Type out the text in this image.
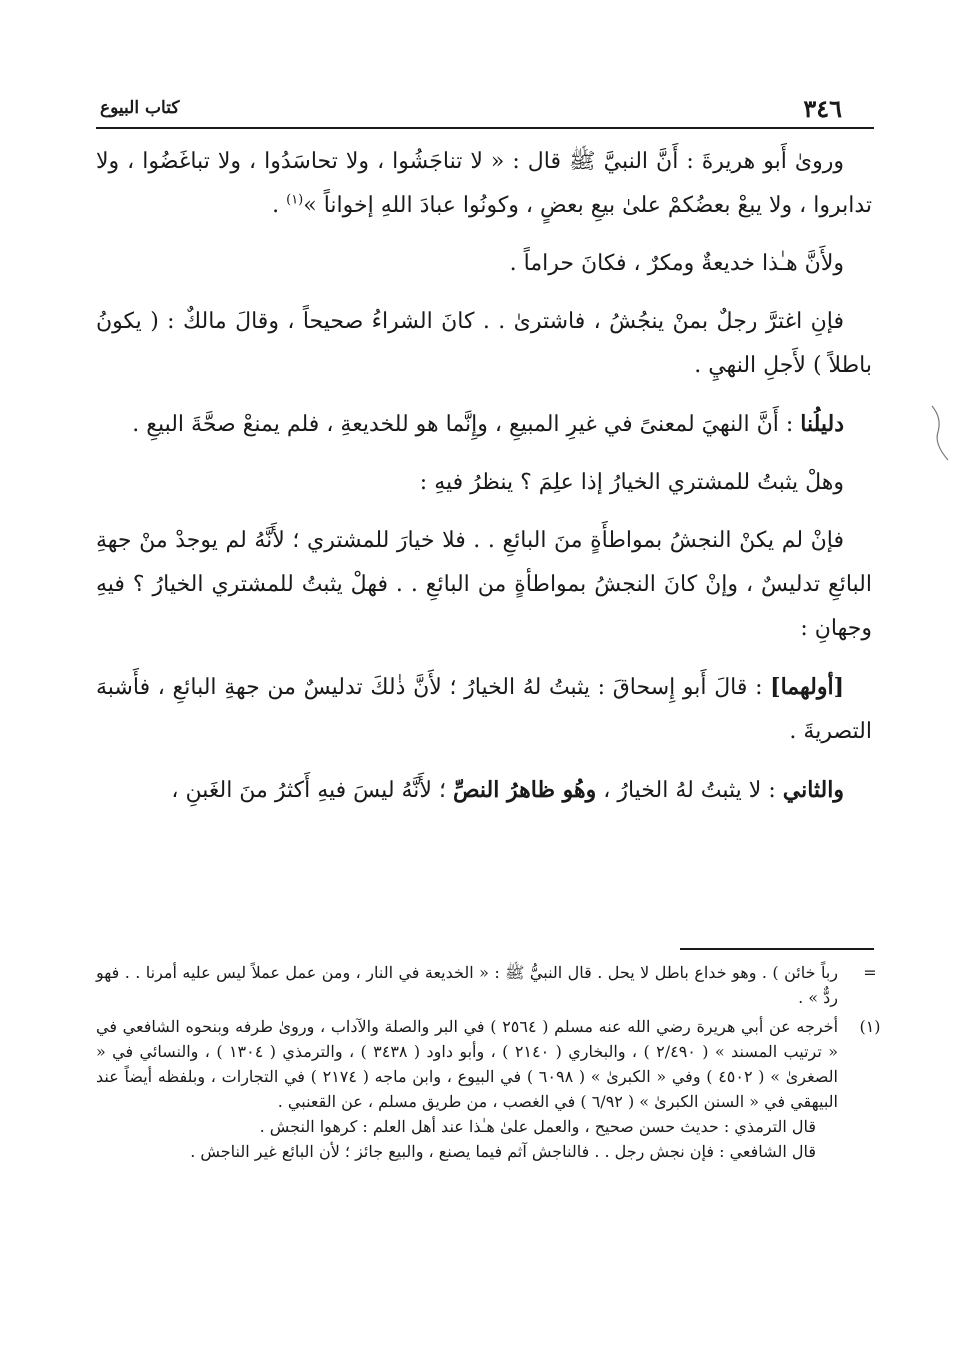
٣٤٦
كتاب البيوع

وروىٰ أَبو هريرةَ : أَنَّ النبيَّ ﷺ قال : « لا تناجَشُوا ، ولا تحاسَدُوا ، ولا تباغَضُوا ، ولا تدابروا ، ولا يبعْ بعضُكمْ علىٰ بيعِ بعضٍ ، وكونُوا عبادَ اللهِ إخواناً »$^{(١)}$ .

ولأَنَّ هـٰذا خديعةٌ ومكرٌ ، فكانَ حراماً .

فإنِ اغترَّ رجلٌ بمنْ ينجُشُ ، فاشترىٰ . . كانَ الشراءُ صحيحاً ، وقالَ مالكٌ : ( يكونُ باطلاً ) لأَجلِ النهيِ .

دليلُنا : أَنَّ النهيَ لمعنىً في غيرِ المبيعِ ، وإِنَّما هو للخديعةِ ، فلم يمنعْ صحَّةَ البيعِ .

وهلْ يثبتُ للمشتري الخيارُ إذا علِمَ ؟ ينظرُ فيهِ :

فإنْ لم يكنْ النجشُ بمواطأَةٍ منَ البائعِ . . فلا خيارَ للمشتري ؛ لأَنَّهُ لم يوجدْ منْ جهةِ البائعِ تدليسٌ ، وإنْ كانَ النجشُ بمواطأةٍ من البائعِ . . فهلْ يثبتُ للمشتري الخيارُ ؟ فيهِ وجهانِ :

[أولهما] : قالَ أَبو إِسحاقَ : يثبتُ لهُ الخيارُ ؛ لأَنَّ ذٰلكَ تدليسٌ من جهةِ البائعِ ، فأَشبهَ التصريةَ .

والثاني : لا يثبتُ لهُ الخيارُ ، وهُو ظاهرُ النصِّ ؛ لأَنَّهُ ليسَ فيهِ أَكثرُ منَ الغَبنِ ،

=

رباً خائن ) . وهو خداع باطل لا يحل . قال النبيُّ ﷺ : « الخديعة في النار ، ومن عمل عملاً ليس عليه أمرنا . . فهو ردٌّ » .

(١)

أخرجه عن أبي هريرة رضي الله عنه مسلم ( ٢٥٦٤ ) في البر والصلة والآداب ، وروىٰ طرفه وبنحوه الشافعي في « ترتيب المسند » ( ٢/٤٩٠ ) ، والبخاري ( ٢١٤٠ ) ، وأبو داود ( ٣٤٣٨ ) ، والترمذي ( ١٣٠٤ ) ، والنسائي في « الصغرىٰ » ( ٤٥٠٢ ) وفي « الكبرىٰ » ( ٦٠٩٨ ) في البيوع ، وابن ماجه ( ٢١٧٤ ) في التجارات ، وبلفظه أيضاً عند البيهقي في « السنن الكبرىٰ » ( ٦/٩٢ ) في الغصب ، من طريق مسلم ، عن القعنبي .

قال الترمذي : حديث حسن صحيح ، والعمل علىٰ هـٰذا عند أهل العلم : كرهوا النجش .

قال الشافعي : فإن نجش رجل . . فالناجش آثم فيما يصنع ، والبيع جائز ؛ لأن البائع غير الناجش .
